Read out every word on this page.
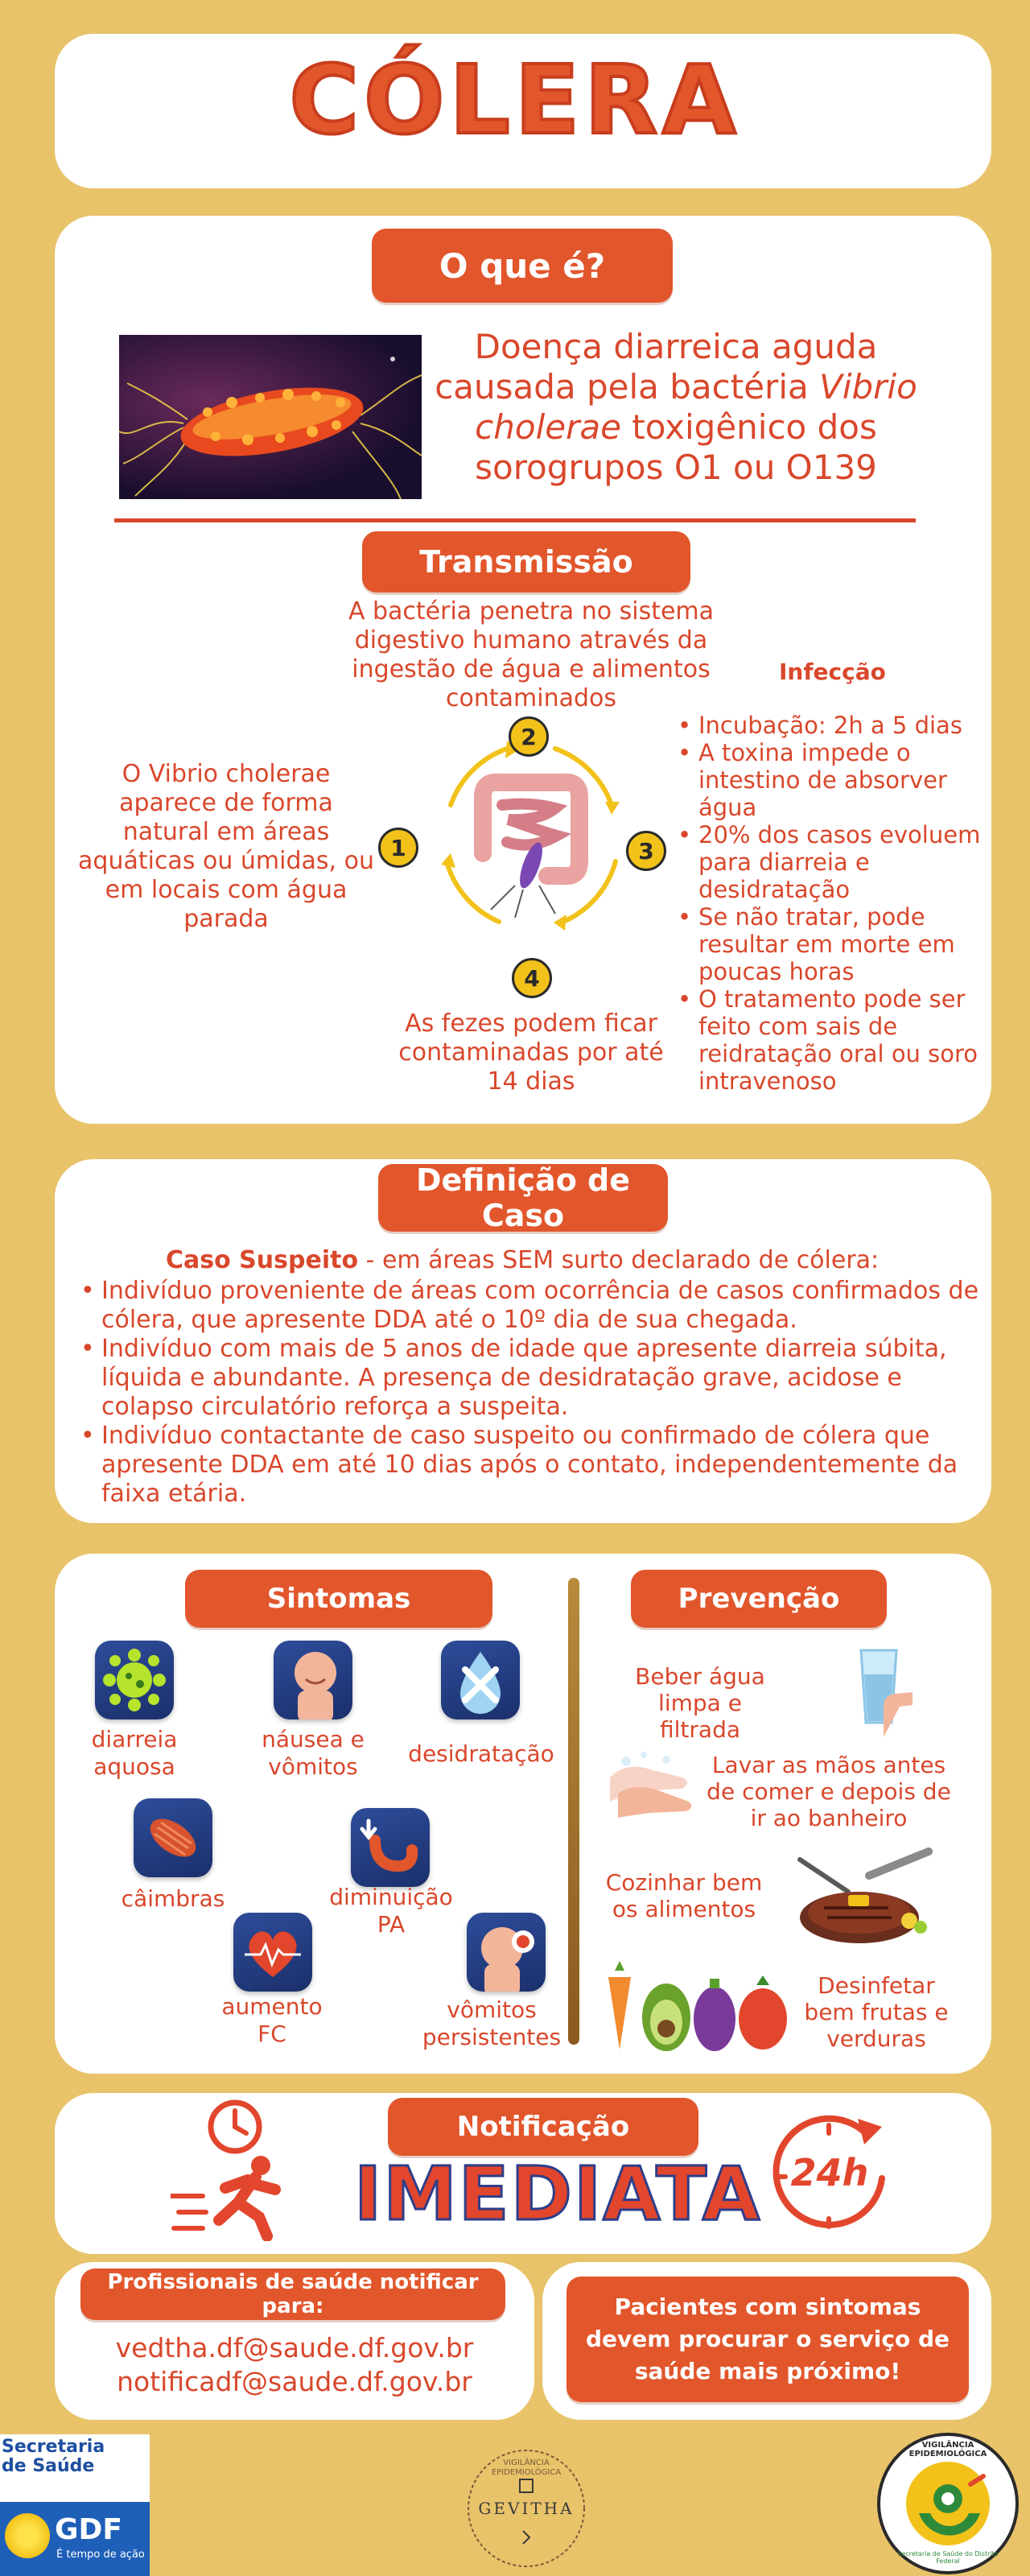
CÓLERA
O que é?
Doença diarreica aguda
causada pela bactéria Vibrio
cholerae toxigênico dos
sorogrupos O1 ou O139
Transmissão
A bactéria penetra no sistema digestivo humano através da ingestão de água e alimentos contaminados
O Vibrio cholerae aparece de forma natural em áreas aquáticas ou úmidas, ou em locais com água parada
As fezes podem ficar contaminadas por até 14 dias
1
2
3
4
Infecção
• Incubação: 2h a 5 dias
• A toxina impede o intestino de absorver água
• 20% dos casos evoluem para diarreia e desidratação
• Se não tratar, pode resultar em morte em poucas horas
• O tratamento pode ser feito com sais de reidratação oral ou soro intravenoso
Definição de Caso
Caso Suspeito - em áreas SEM surto declarado de cólera:
• Indivíduo proveniente de áreas com ocorrência de casos confirmados de cólera, que apresente DDA até o 10º dia de sua chegada.
• Indivíduo com mais de 5 anos de idade que apresente diarreia súbita, líquida e abundante. A presença de desidratação grave, acidose e colapso circulatório reforça a suspeita.
• Indivíduo contactante de caso suspeito ou confirmado de cólera que apresente DDA em até 10 dias após o contato, independentemente da faixa etária.
Sintomas	Prevenção
diarreia aquosa
náusea e vômitos	desidratação
câimbras	diminuição PA
aumento FC
vômitos persistentes
Beber água limpa e filtrada
Lavar as mãos antes de comer e depois de ir ao banheiro
Cozinhar bem os alimentos
Desinfetar bem frutas e verduras
Notificação
IMEDIATA 24h
Profissionais de saúde notificar para:
vedtha.df@saude.df.gov.br
notificadf@saude.df.gov.br
Pacientes com sintomas devem procurar o serviço de saúde mais próximo!
Secretaria de Saúde
GDF
É tempo de ação
GEVITHA
VIGILÂNCIA EPIDEMIOLÓGICA
VIGILÂNCIA EPIDEMIOLÓGICA
Secretaria de Saúde do Distrito Federal
